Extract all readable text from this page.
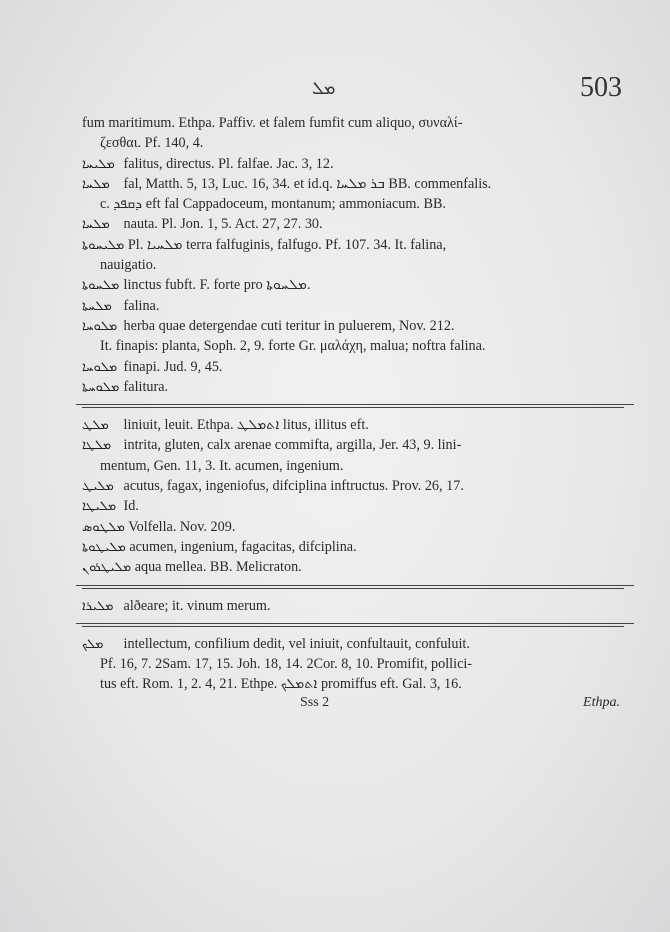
ܡܠ	503
fum maritimum. Ethpa. Paffiv. et falem fumfit cum aliquo, συναλί-
ζεσθαι. Pf. 140, 4.
ܡܠܝܚܐ falitus, directus. Pl. falfae. Jac. 3, 12.
ܡܠܚܐ fal, Matth. 5, 13, Luc. 16, 34. et id.q. ܒܪ ܡܠܚܐ BB. commenfalis.
c. ܕܩܦܕ eft fal Cappadoceum, montanum; ammoniacum. BB.
ܡܠܚܐ nauta. Pl. Jon. 1, 5. Act. 27, 27. 30.
ܡܠܝܚܘܬܐ Pl. ܡܠܚܝܐ terra falfuginis, falfugo. Pf. 107. 34. It. falina,
nauigatio.
ܡܠܚܘܬܐ linctus fubft. F. forte pro ܡܠܚܘܬܐ.
ܡܠܚܬܐ falina.
ܡܠܘܚܐ herba quae detergendae cuti teritur in puluerem, Nov. 212.
It. finapis: planta, Soph. 2, 9. forte Gr. μαλάχη, malua; noftra falina.
ܡܠܘܚܐ finapi. Jud. 9, 45.
ܡܠܘܚܬܐ falitura.
ܡܠܛ liniuit, leuit. Ethpa. ܐܬܡܠܛ litus, illitus eft.
ܡܠܛܐ intrita, gluten, calx arenae commifta, argilla, Jer. 43, 9. lini-
mentum, Gen. 11, 3. It. acumen, ingenium.
ܡܠܝܛ acutus, fagax, ingeniofus, difciplina inftructus. Prov. 26, 17.
ܡܠܝܛܐ Id.
ܡܠܛܘܣ Volfella. Nov. 209.
ܡܠܝܛܘܬܐ acumen, ingenium, fagacitas, difciplina.
ܡܠܝܛܪܘܢ aqua mellea. BB. Melicraton.
ܡܠܝܪܐ alðeare; it. vinum merum.
ܡܠܟ intellectum, confilium dedit, vel iniuit, confultauit, confuluit.
Pf. 16, 7. 2Sam. 17, 15. Joh. 18, 14. 2Cor. 8, 10. Promifit, pollici-
tus eft. Rom. 1, 2. 4, 21. Ethpe. ܐܬܡܠܟ promiffus eft. Gal. 3, 16.
Sss 2	Ethpa.
